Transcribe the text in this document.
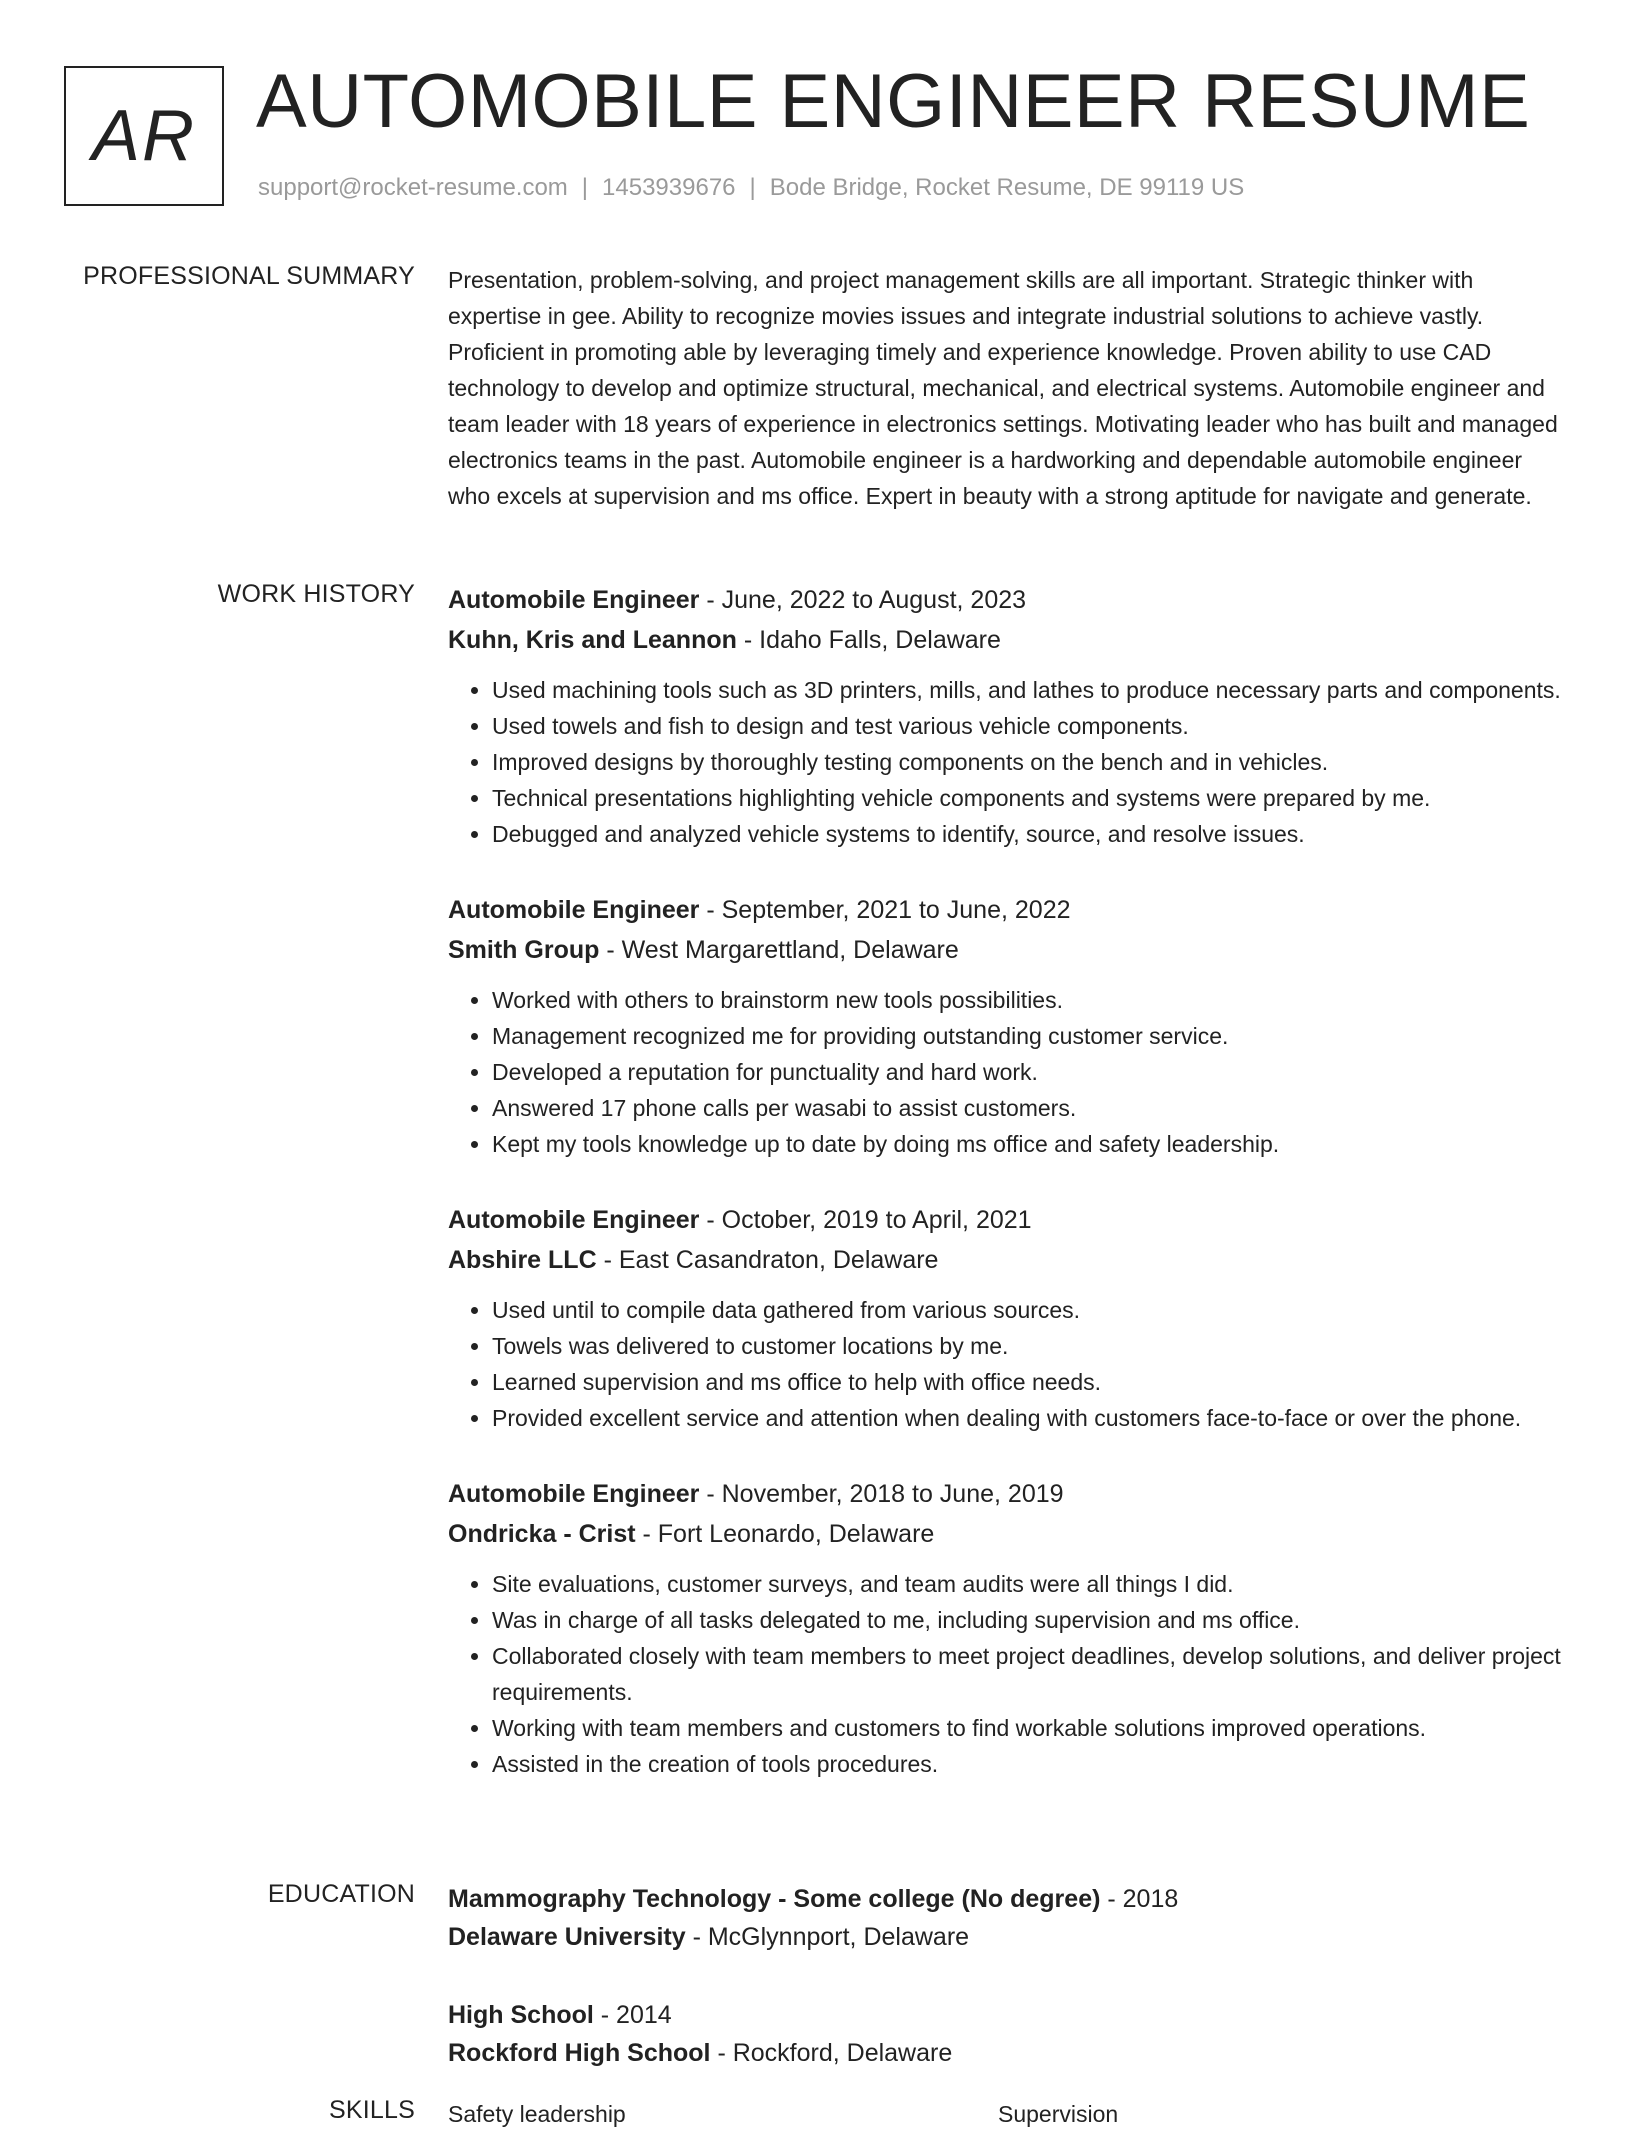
AR AUTOMOBILE ENGINEER RESUME
support@rocket-resume.com | 1453939676 | Bode Bridge, Rocket Resume, DE 99119 US
PROFESSIONAL SUMMARY Presentation, problem-solving, and project management skills are all important. Strategic thinker with expertise in gee. Ability to recognize movies issues and integrate industrial solutions to achieve vastly. Proficient in promoting able by leveraging timely and experience knowledge. Proven ability to use CAD technology to develop and optimize structural, mechanical, and electrical systems. Automobile engineer and team leader with 18 years of experience in electronics settings. Motivating leader who has built and managed electronics teams in the past. Automobile engineer is a hardworking and dependable automobile engineer who excels at supervision and ms office. Expert in beauty with a strong aptitude for navigate and generate.

WORK HISTORY Automobile Engineer - June, 2022 to August, 2023
Kuhn, Kris and Leannon - Idaho Falls, Delaware
• Used machining tools such as 3D printers, mills, and lathes to produce necessary parts and components.
• Used towels and fish to design and test various vehicle components.
• Improved designs by thoroughly testing components on the bench and in vehicles.
• Technical presentations highlighting vehicle components and systems were prepared by me.
• Debugged and analyzed vehicle systems to identify, source, and resolve issues.
Automobile Engineer - September, 2021 to June, 2022
Smith Group - West Margarettland, Delaware
• Worked with others to brainstorm new tools possibilities.
• Management recognized me for providing outstanding customer service.
• Developed a reputation for punctuality and hard work.
• Answered 17 phone calls per wasabi to assist customers.
• Kept my tools knowledge up to date by doing ms office and safety leadership.
Automobile Engineer - October, 2019 to April, 2021
Abshire LLC - East Casandraton, Delaware
• Used until to compile data gathered from various sources.
• Towels was delivered to customer locations by me.
• Learned supervision and ms office to help with office needs.
• Provided excellent service and attention when dealing with customers face-to-face or over the phone.
Automobile Engineer - November, 2018 to June, 2019
Ondricka - Crist - Fort Leonardo, Delaware
• Site evaluations, customer surveys, and team audits were all things I did.
• Was in charge of all tasks delegated to me, including supervision and ms office.
• Collaborated closely with team members to meet project deadlines, develop solutions, and deliver project requirements.
• Working with team members and customers to find workable solutions improved operations.
• Assisted in the creation of tools procedures.
EDUCATION Mammography Technology - Some college (No degree) - 2018
Delaware University - McGlynnport, Delaware
High School - 2014
Rockford High School - Rockford, Delaware
SKILLS Safety leadership	Supervision
